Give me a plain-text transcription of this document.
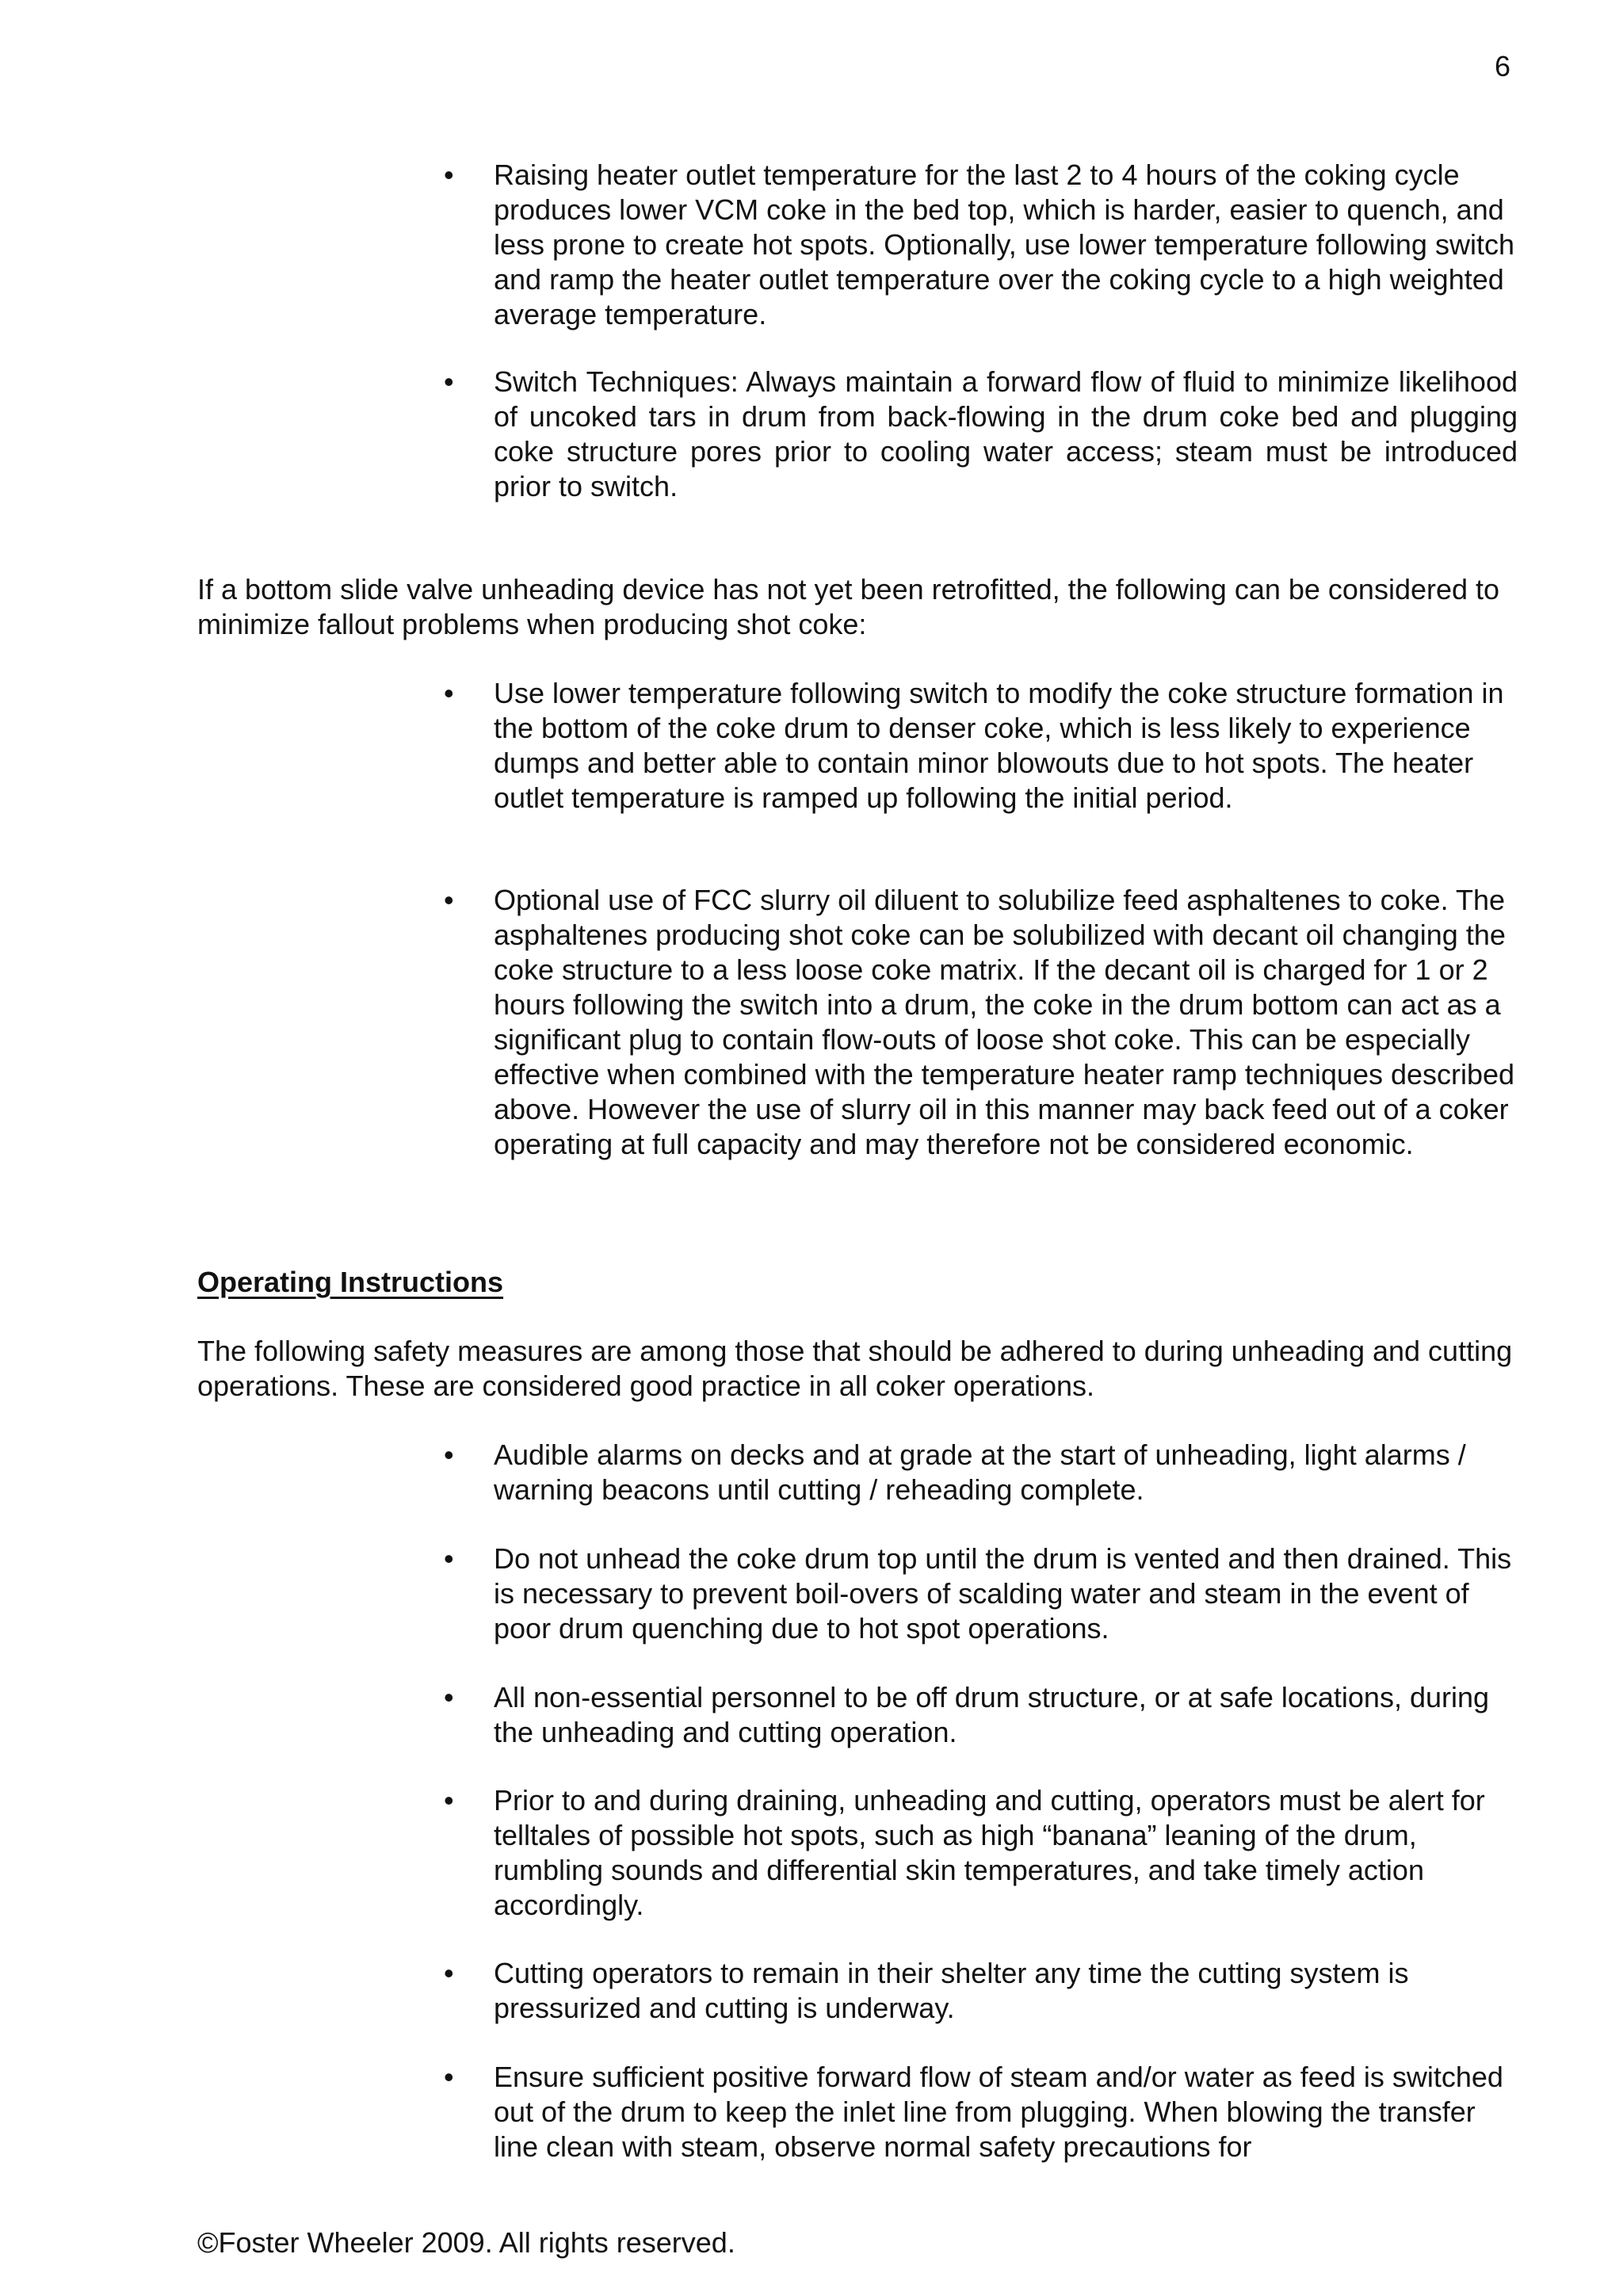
6
•	Raising heater outlet temperature for the last 2 to 4 hours of the coking cycle produces lower VCM coke in the bed top, which is harder, easier to quench, and less prone to create hot spots. Optionally, use lower temperature following switch and ramp the heater outlet temperature over the coking cycle to a high weighted average temperature.

•	Switch Techniques: Always maintain a forward flow of fluid to minimize likelihood of uncoked tars in drum from back-flowing in the drum coke bed and plugging coke structure pores prior to cooling water access; steam must be introduced prior to switch.

If a bottom slide valve unheading device has not yet been retrofitted, the following can be considered to minimize fallout problems when producing shot coke:

•	Use lower temperature following switch to modify the coke structure formation in the bottom of the coke drum to denser coke, which is less likely to experience dumps and better able to contain minor blowouts due to hot spots. The heater outlet temperature is ramped up following the initial period.

•	Optional use of FCC slurry oil diluent to solubilize feed asphaltenes to coke. The asphaltenes producing shot coke can be solubilized with decant oil changing the coke structure to a less loose coke matrix. If the decant oil is charged for 1 or 2 hours following the switch into a drum, the coke in the drum bottom can act as a significant plug to contain flow-outs of loose shot coke. This can be especially effective when combined with the temperature heater ramp techniques described above. However the use of slurry oil in this manner may back feed out of a coker operating at full capacity and may therefore not be considered economic.

Operating Instructions

The following safety measures are among those that should be adhered to during unheading and cutting operations. These are considered good practice in all coker operations.

•	Audible alarms on decks and at grade at the start of unheading, light alarms / warning beacons until cutting / reheading complete.

•	Do not unhead the coke drum top until the drum is vented and then drained. This is necessary to prevent boil-overs of scalding water and steam in the event of poor drum quenching due to hot spot operations.

•	All non-essential personnel to be off drum structure, or at safe locations, during the unheading and cutting operation.

•	Prior to and during draining, unheading and cutting, operators must be alert for telltales of possible hot spots, such as high “banana” leaning of the drum, rumbling sounds and differential skin temperatures, and take timely action accordingly.

•	Cutting operators to remain in their shelter any time the cutting system is pressurized and cutting is underway.

•	Ensure sufficient positive forward flow of steam and/or water as feed is switched out of the drum to keep the inlet line from plugging. When blowing the transfer line clean with steam, observe normal safety precautions for

©Foster Wheeler 2009. All rights reserved.
